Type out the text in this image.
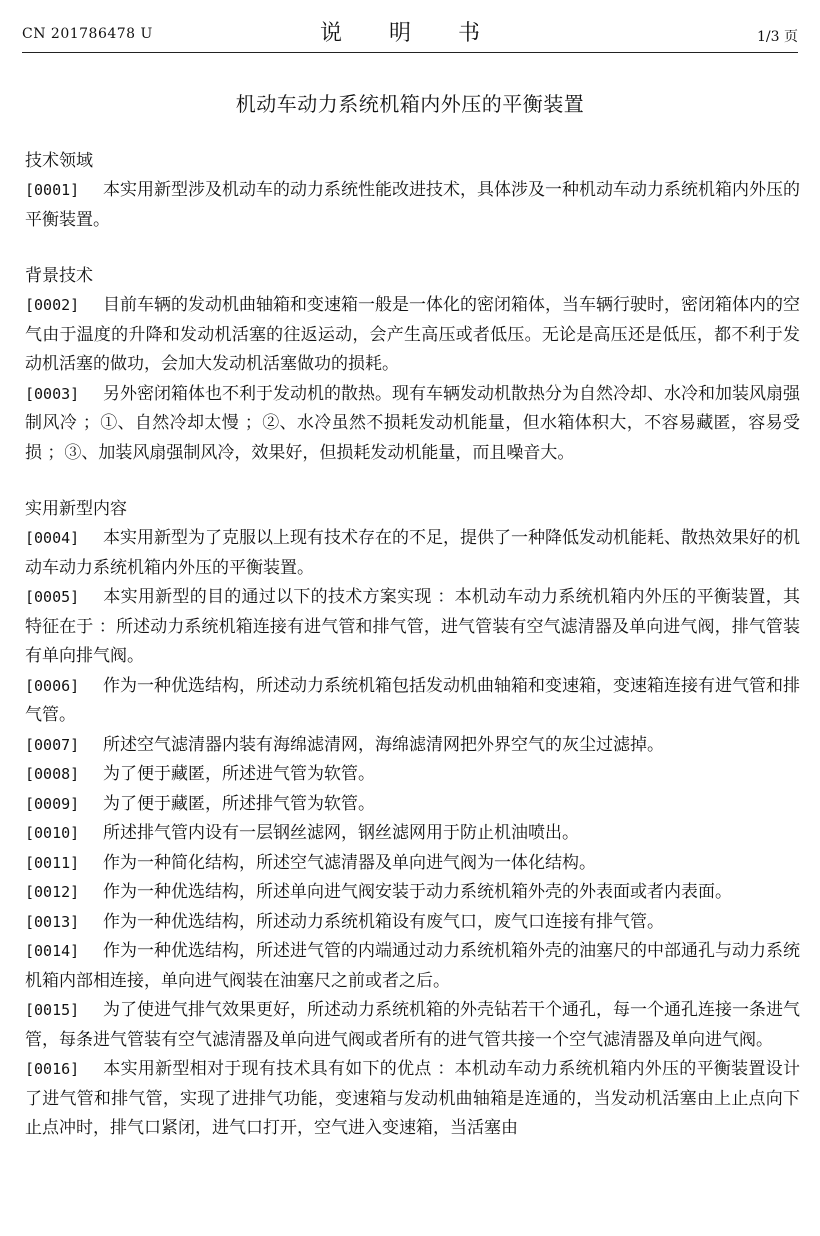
CN 201786478 U	说 明 书	1/3 页
机动车动力系统机箱内外压的平衡装置
技术领域

[0001] 本实用新型涉及机动车的动力系统性能改进技术，具体涉及一种机动车动力系统机箱内外压的平衡装置。

背景技术

[0002] 目前车辆的发动机曲轴箱和变速箱一般是一体化的密闭箱体，当车辆行驶时，密闭箱体内的空气由于温度的升降和发动机活塞的往返运动，会产生高压或者低压。无论是高压还是低压，都不利于发动机活塞的做功，会加大发动机活塞做功的损耗。

[0003] 另外密闭箱体也不利于发动机的散热。现有车辆发动机散热分为自然冷却、水冷和加装风扇强制风冷 ；①、自然冷却太慢 ；②、水冷虽然不损耗发动机能量，但水箱体积大，不容易藏匿，容易受损 ；③、加装风扇强制风冷，效果好，但损耗发动机能量，而且噪音大。

实用新型内容

[0004] 本实用新型为了克服以上现有技术存在的不足，提供了一种降低发动机能耗、散热效果好的机动车动力系统机箱内外压的平衡装置。

[0005] 本实用新型的目的通过以下的技术方案实现 ：本机动车动力系统机箱内外压的平衡装置，其特征在于 ：所述动力系统机箱连接有进气管和排气管，进气管装有空气滤清器及单向进气阀，排气管装有单向排气阀。

[0006] 作为一种优选结构，所述动力系统机箱包括发动机曲轴箱和变速箱，变速箱连接有进气管和排气管。

[0007] 所述空气滤清器内装有海绵滤清网，海绵滤清网把外界空气的灰尘过滤掉。

[0008] 为了便于藏匿，所述进气管为软管。

[0009] 为了便于藏匿，所述排气管为软管。

[0010] 所述排气管内设有一层钢丝滤网，钢丝滤网用于防止机油喷出。

[0011] 作为一种简化结构，所述空气滤清器及单向进气阀为一体化结构。

[0012] 作为一种优选结构，所述单向进气阀安装于动力系统机箱外壳的外表面或者内表面。

[0013] 作为一种优选结构，所述动力系统机箱设有废气口，废气口连接有排气管。

[0014] 作为一种优选结构，所述进气管的内端通过动力系统机箱外壳的油塞尺的中部通孔与动力系统机箱内部相连接，单向进气阀装在油塞尺之前或者之后。

[0015] 为了使进气排气效果更好，所述动力系统机箱的外壳钻若干个通孔，每一个通孔连接一条进气管，每条进气管装有空气滤清器及单向进气阀或者所有的进气管共接一个空气滤清器及单向进气阀。

[0016] 本实用新型相对于现有技术具有如下的优点 ：本机动车动力系统机箱内外压的平衡装置设计了进气管和排气管，实现了进排气功能，变速箱与发动机曲轴箱是连通的，当发动机活塞由上止点向下止点冲时，排气口紧闭，进气口打开，空气进入变速箱，当活塞由
